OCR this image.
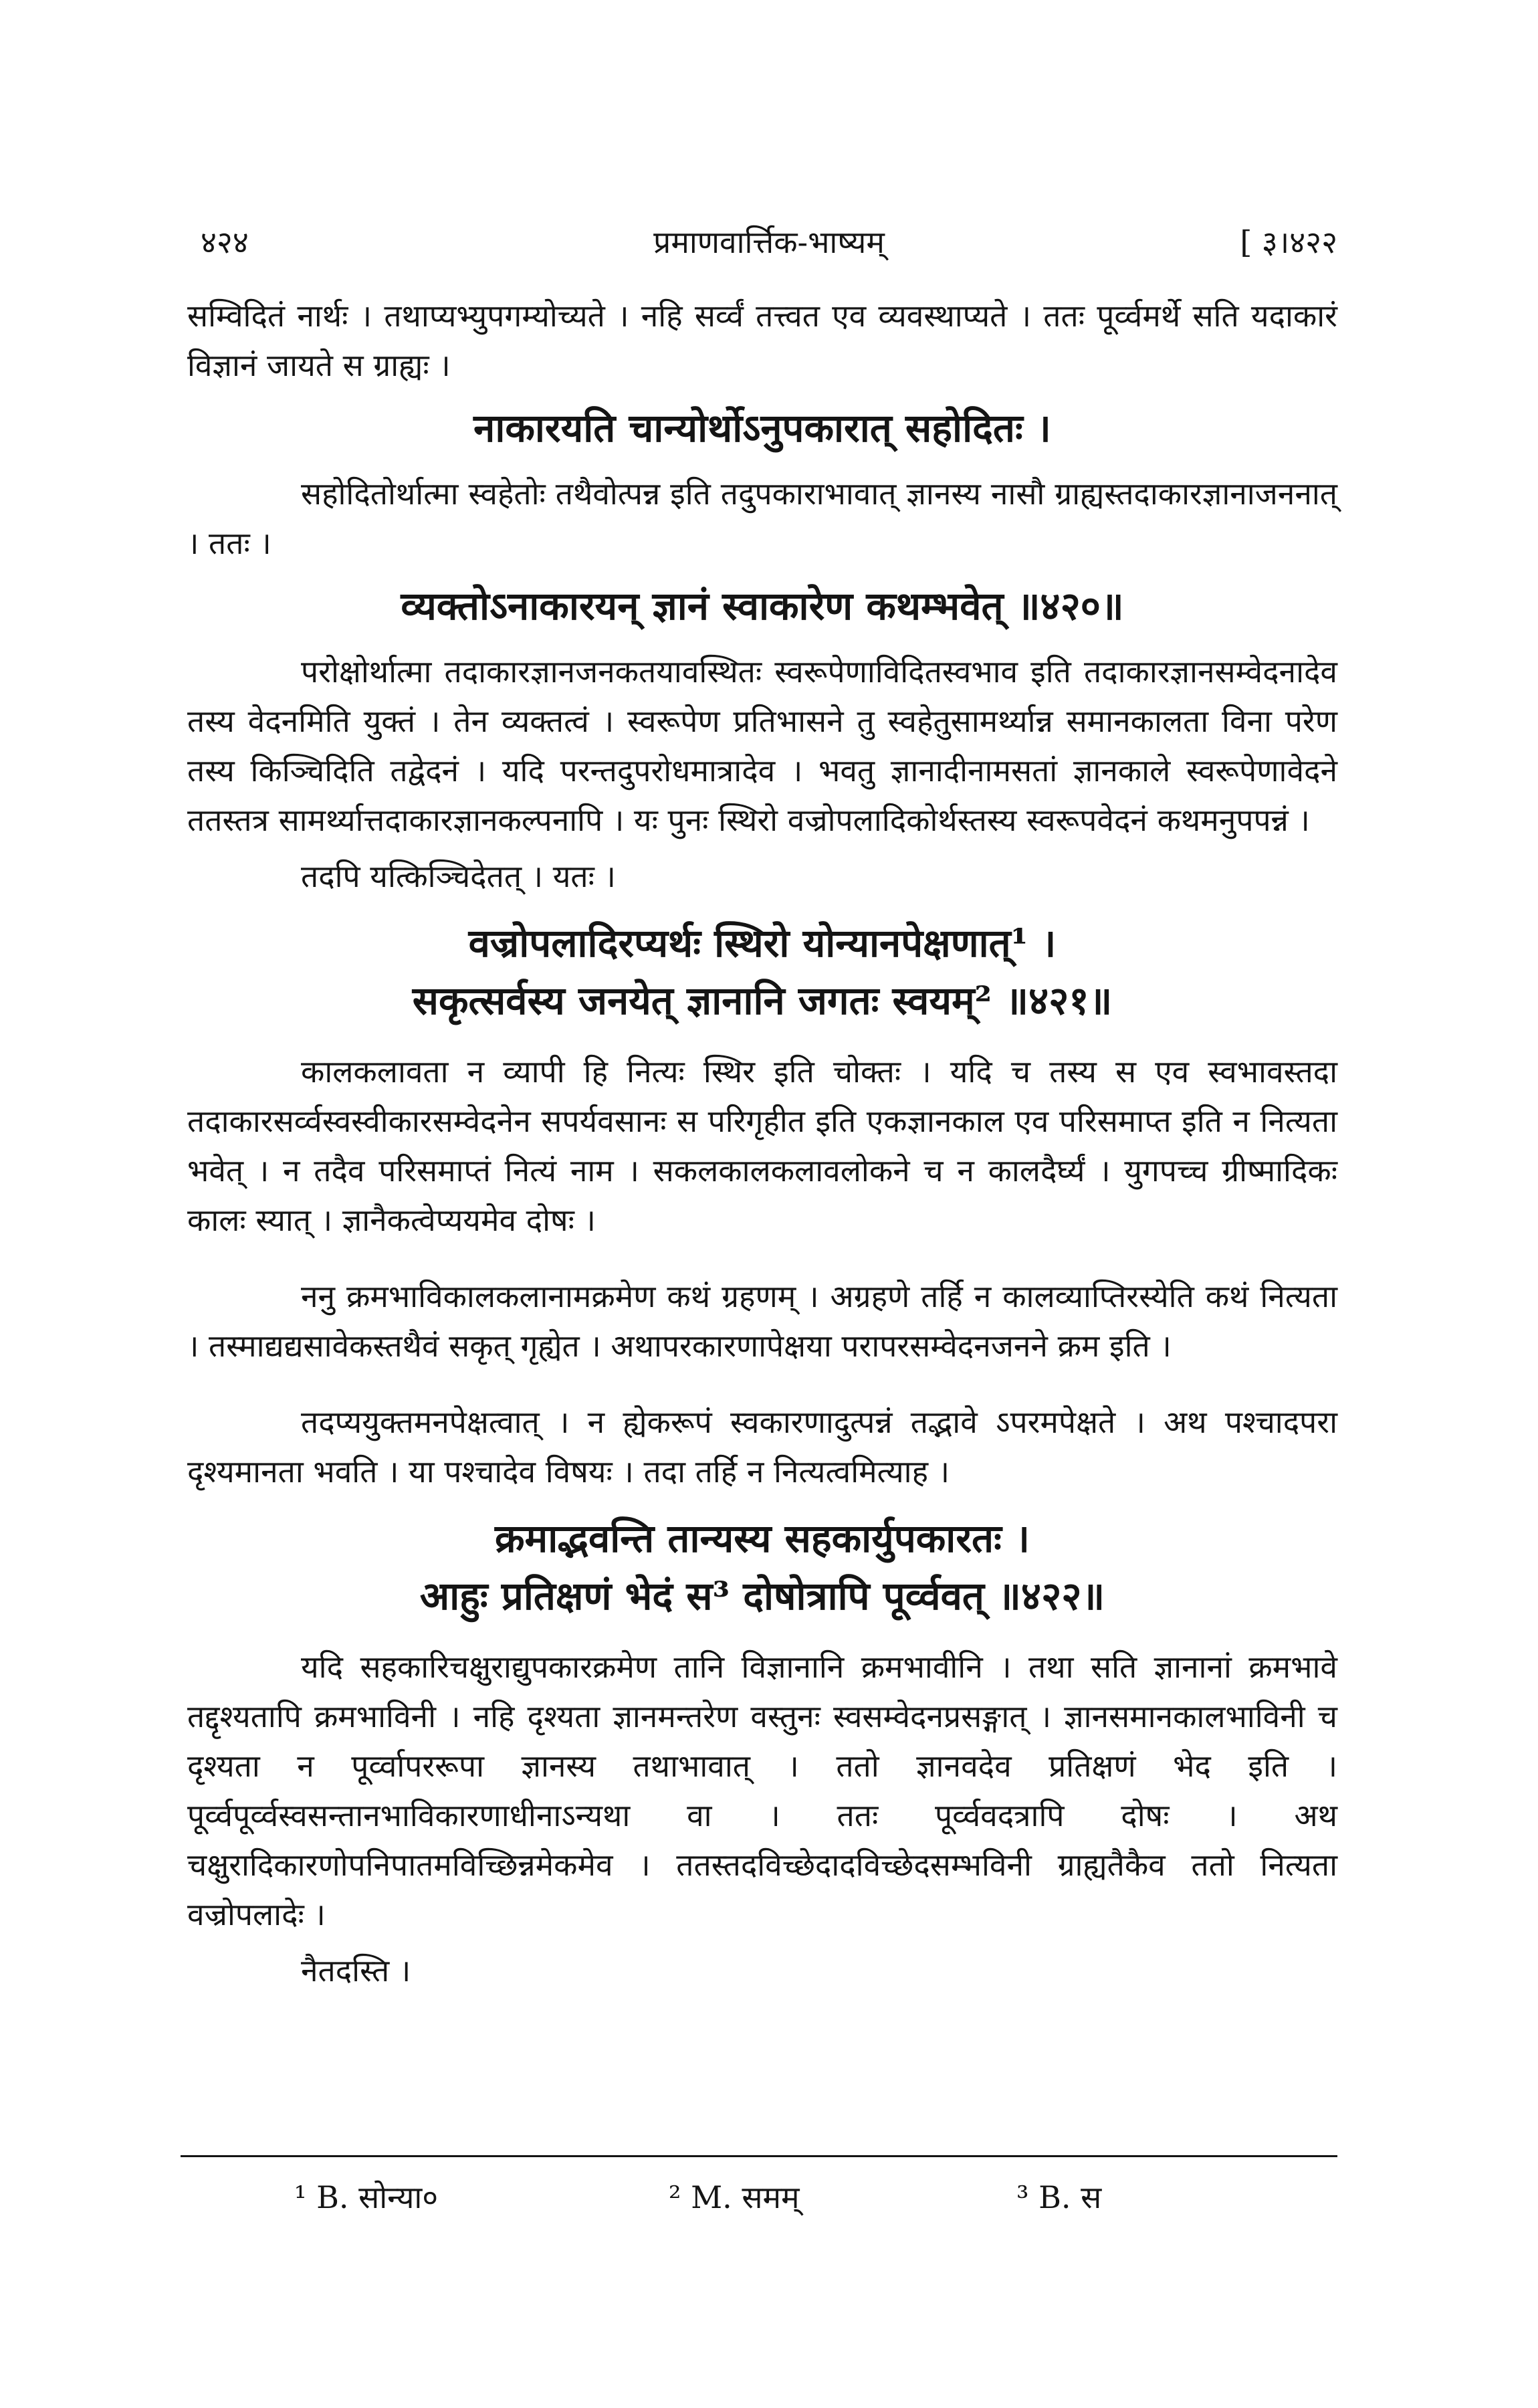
४२४	प्रमाणवार्त्तिक-भाष्यम्	[ ३।४२२

सम्विदितं नार्थः । तथाप्यभ्युपगम्योच्यते । नहि सर्व्वं तत्त्वत एव व्यवस्थाप्यते । ततः पूर्व्वमर्थे सति यदाकारं विज्ञानं जायते स ग्राह्यः ।

नाकारयति चान्योर्थोऽनुपकारात् सहोदितः ।

सहोदितोर्थात्मा स्वहेतोः तथैवोत्पन्न इति तदुपकाराभावात् ज्ञानस्य नासौ ग्राह्यस्तदाकारज्ञानाजननात् । ततः ।

व्यक्तोऽनाकारयन् ज्ञानं स्वाकारेण कथम्भवेत् ॥४२०॥

परोक्षोर्थात्मा तदाकारज्ञानजनकतयावस्थितः स्वरूपेणाविदितस्वभाव इति तदाकारज्ञानसम्वेदनादेव तस्य वेदनमिति युक्तं । तेन व्यक्तत्वं । स्वरूपेण प्रतिभासने तु स्वहेतुसामर्थ्यान्न समानकालता विना परेण तस्य किञ्चिदिति तद्वेदनं । यदि परन्तदुपरोधमात्रादेव । भवतु ज्ञानादीनामसतां ज्ञानकाले स्वरूपेणावेदने ततस्तत्र सामर्थ्यात्तदाकारज्ञानकल्पनापि । यः पुनः स्थिरो वज्रोपलादिकोर्थस्तस्य स्वरूपवेदनं कथमनुपपन्नं ।

तदपि यत्किञ्चिदेतत् । यतः ।

वज्रोपलादिरप्यर्थः स्थिरो योन्यानपेक्षणात्¹ ।
सकृत्सर्वस्य जनयेत् ज्ञानानि जगतः स्वयम्² ॥४२१॥

कालकलावता न व्यापी हि नित्यः स्थिर इति चोक्तः । यदि च तस्य स एव स्वभावस्तदा तदाकारसर्व्वस्वस्वीकारसम्वेदनेन सपर्यवसानः स परिगृहीत इति एकज्ञानकाल एव परिसमाप्त इति न नित्यता भवेत् । न तदैव परिसमाप्तं नित्यं नाम । सकलकालकलावलोकने च न कालदैर्घ्यं । युगपच्च ग्रीष्मादिकः कालः स्यात् । ज्ञानैकत्वेप्ययमेव दोषः ।

ननु क्रमभाविकालकलानामक्रमेण कथं ग्रहणम् । अग्रहणे तर्हि न कालव्याप्तिरस्येति कथं नित्यता । तस्माद्यद्यसावेकस्तथैवं सकृत् गृह्येत । अथापरकारणापेक्षया परापरसम्वेदनजनने क्रम इति ।

तदप्ययुक्तमनपेक्षत्वात् । न ह्येकरूपं स्वकारणादुत्पन्नं तद्भावे ऽपरमपेक्षते । अथ पश्चादपरा दृश्यमानता भवति । या पश्चादेव विषयः । तदा तर्हि न नित्यत्वमित्याह ।

क्रमाद्भवन्ति तान्यस्य सहकार्युपकारतः ।
आहुः प्रतिक्षणं भेदं स³ दोषोत्रापि पूर्व्ववत् ॥४२२॥

यदि सहकारिचक्षुराद्युपकारक्रमेण तानि विज्ञानानि क्रमभावीनि । तथा सति ज्ञानानां क्रमभावे तद्दृश्यतापि क्रमभाविनी । नहि दृश्यता ज्ञानमन्तरेण वस्तुनः स्वसम्वेदनप्रसङ्गात् । ज्ञानसमानकालभाविनी च दृश्यता न पूर्व्वापररूपा ज्ञानस्य तथाभावात् । ततो ज्ञानवदेव प्रतिक्षणं भेद इति । पूर्व्वपूर्व्वस्वसन्तानभाविकारणाधीनाऽन्यथा वा । ततः पूर्व्ववदत्रापि दोषः । अथ चक्षुरादिकारणोपनिपातमविच्छिन्नमेकमेव । ततस्तदविच्छेदादविच्छेदसम्भविनी ग्राह्यतैकैव ततो नित्यता वज्रोपलादेः ।

नैतदस्ति ।

¹ B. सोन्या०	² M. समम्	³ B. स
